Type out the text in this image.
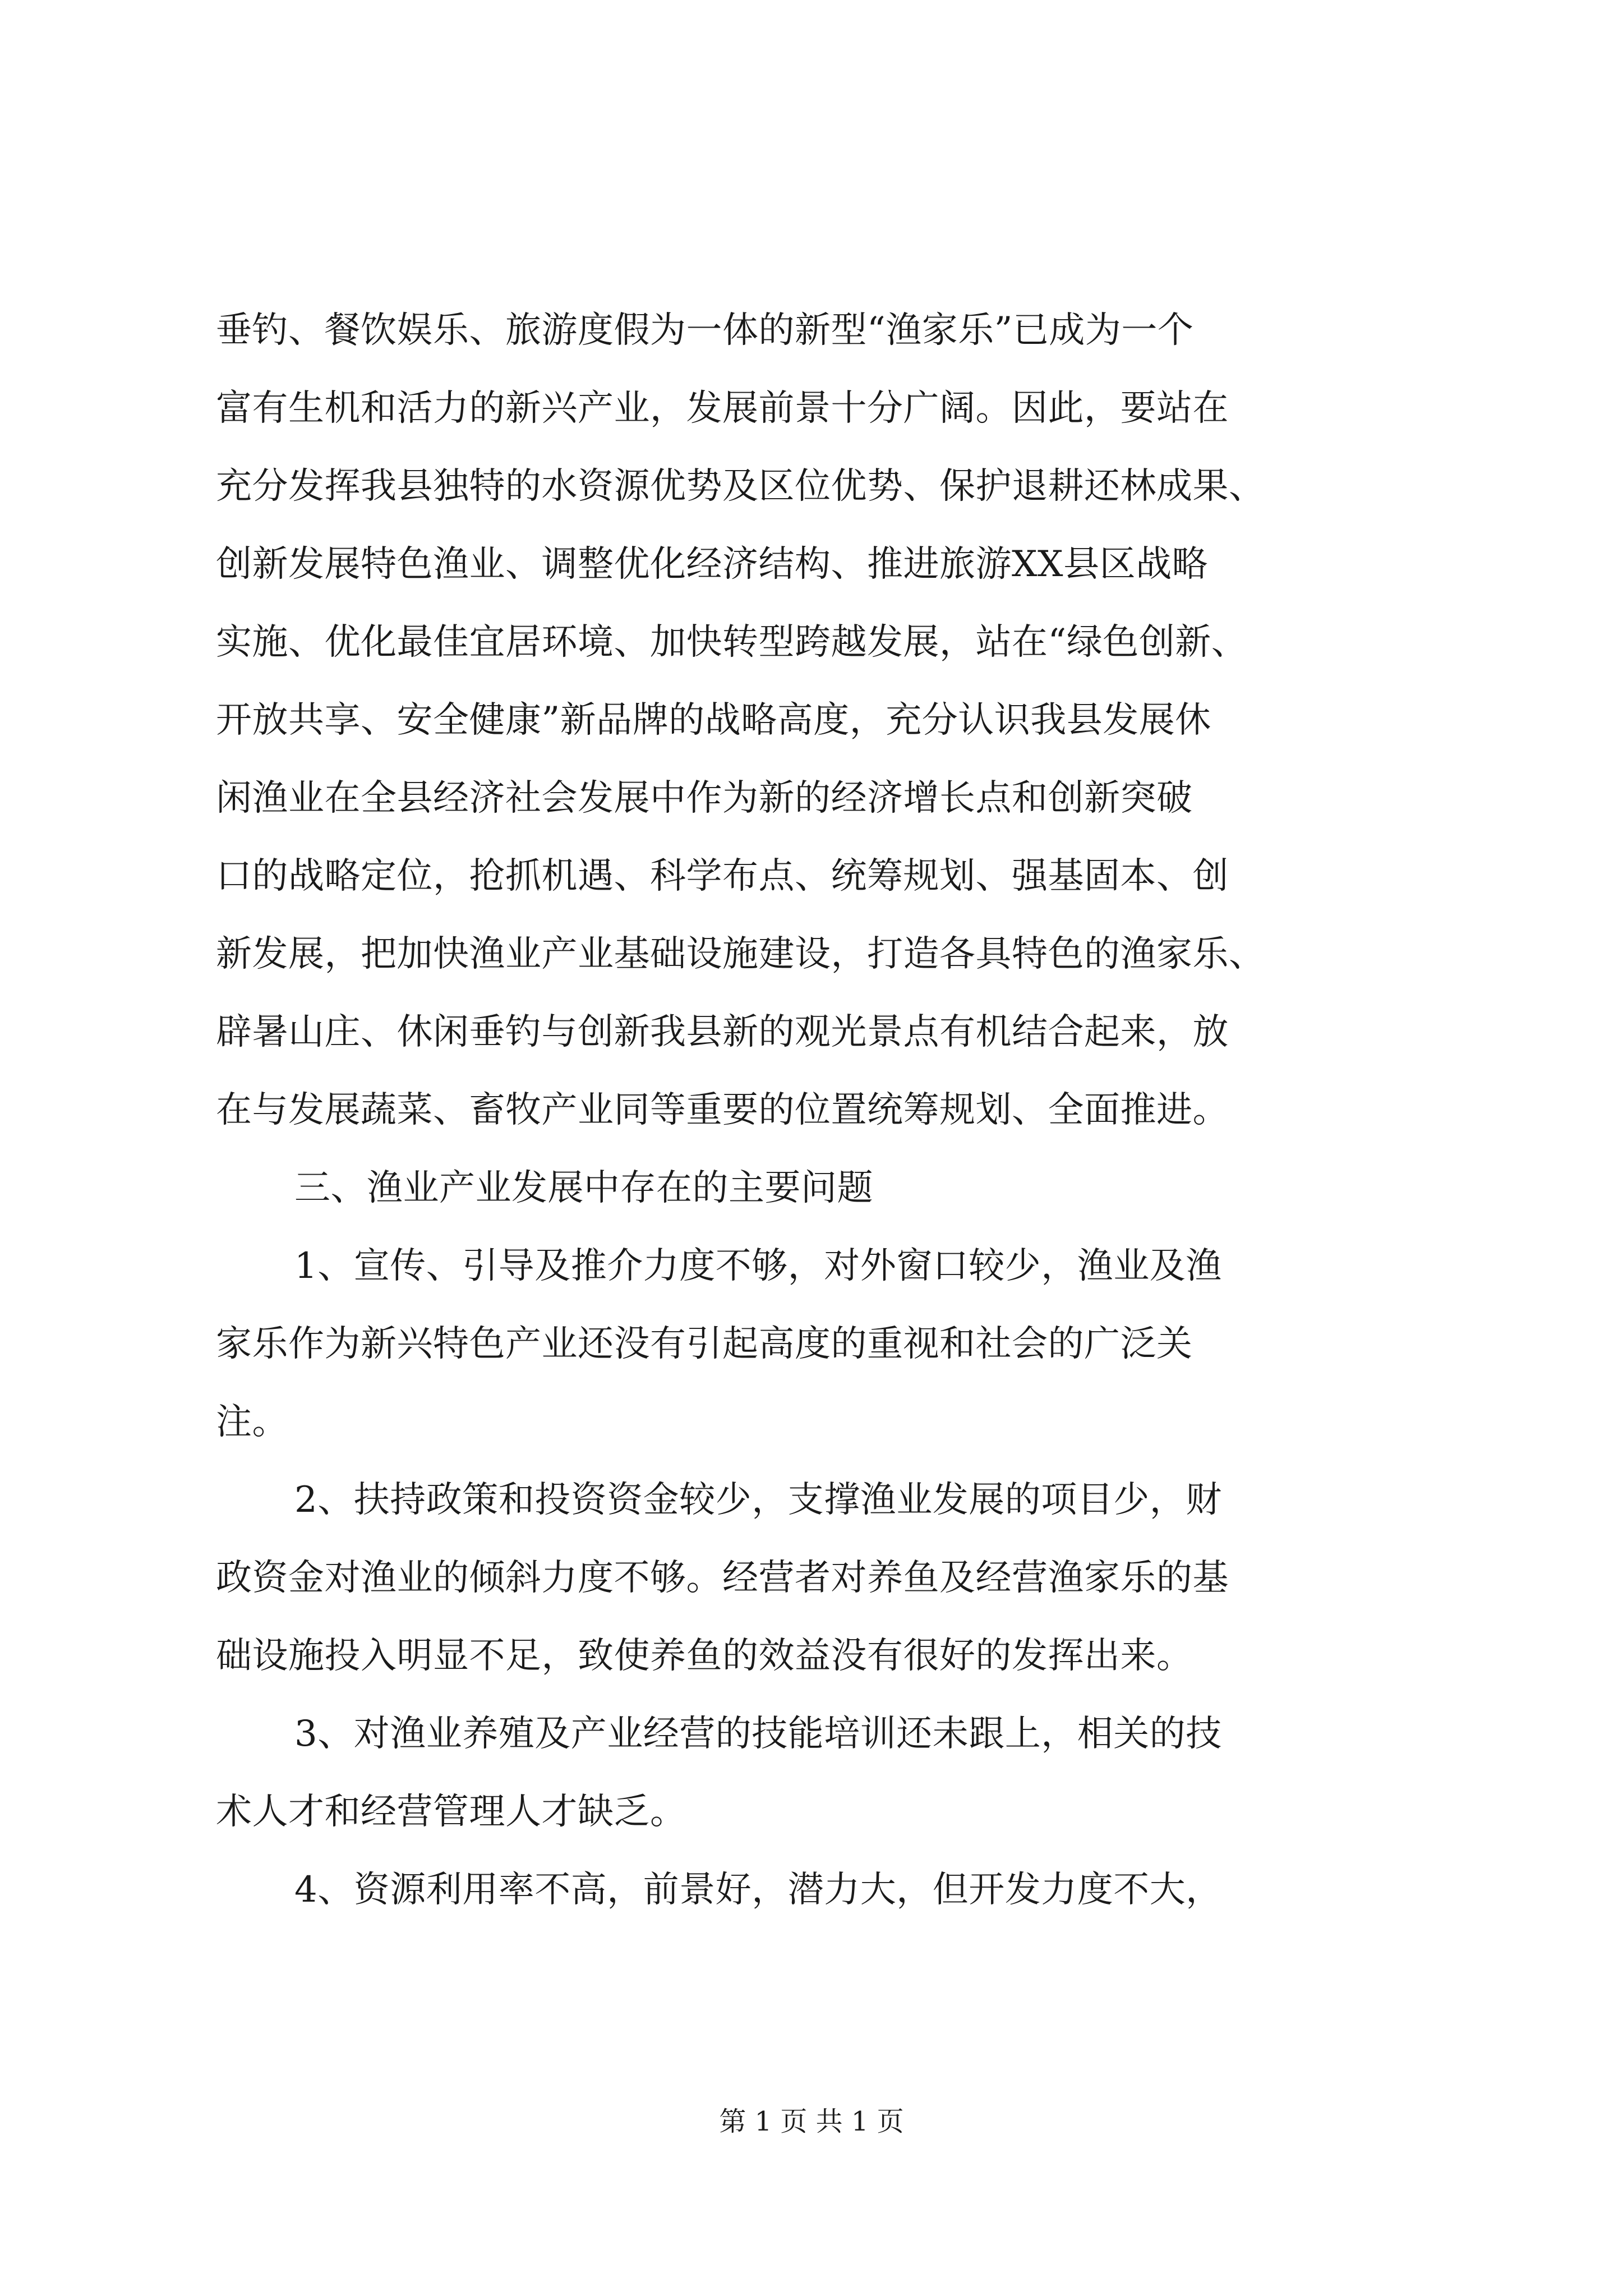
垂钓、餐饮娱乐、旅游度假为一体的新型“渔家乐”已成为一个
富有生机和活力的新兴产业，发展前景十分广阔。因此，要站在
充分发挥我县独特的水资源优势及区位优势、保护退耕还林成果、
创新发展特色渔业、调整优化经济结构、推进旅游XX县区战略
实施、优化最佳宜居环境、加快转型跨越发展，站在“绿色创新、
开放共享、安全健康”新品牌的战略高度，充分认识我县发展休
闲渔业在全县经济社会发展中作为新的经济增长点和创新突破
口的战略定位，抢抓机遇、科学布点、统筹规划、强基固本、创
新发展，把加快渔业产业基础设施建设，打造各具特色的渔家乐、
辟暑山庄、休闲垂钓与创新我县新的观光景点有机结合起来，放
在与发展蔬菜、畜牧产业同等重要的位置统筹规划、全面推进。
三、渔业产业发展中存在的主要问题
1、宣传、引导及推介力度不够，对外窗口较少，渔业及渔
家乐作为新兴特色产业还没有引起高度的重视和社会的广泛关
注。
2、扶持政策和投资资金较少，支撑渔业发展的项目少，财
政资金对渔业的倾斜力度不够。经营者对养鱼及经营渔家乐的基
础设施投入明显不足，致使养鱼的效益没有很好的发挥出来。
3、对渔业养殖及产业经营的技能培训还未跟上，相关的技
术人才和经营管理人才缺乏。
4、资源利用率不高，前景好，潜力大，但开发力度不大，
第 1 页 共 1 页
